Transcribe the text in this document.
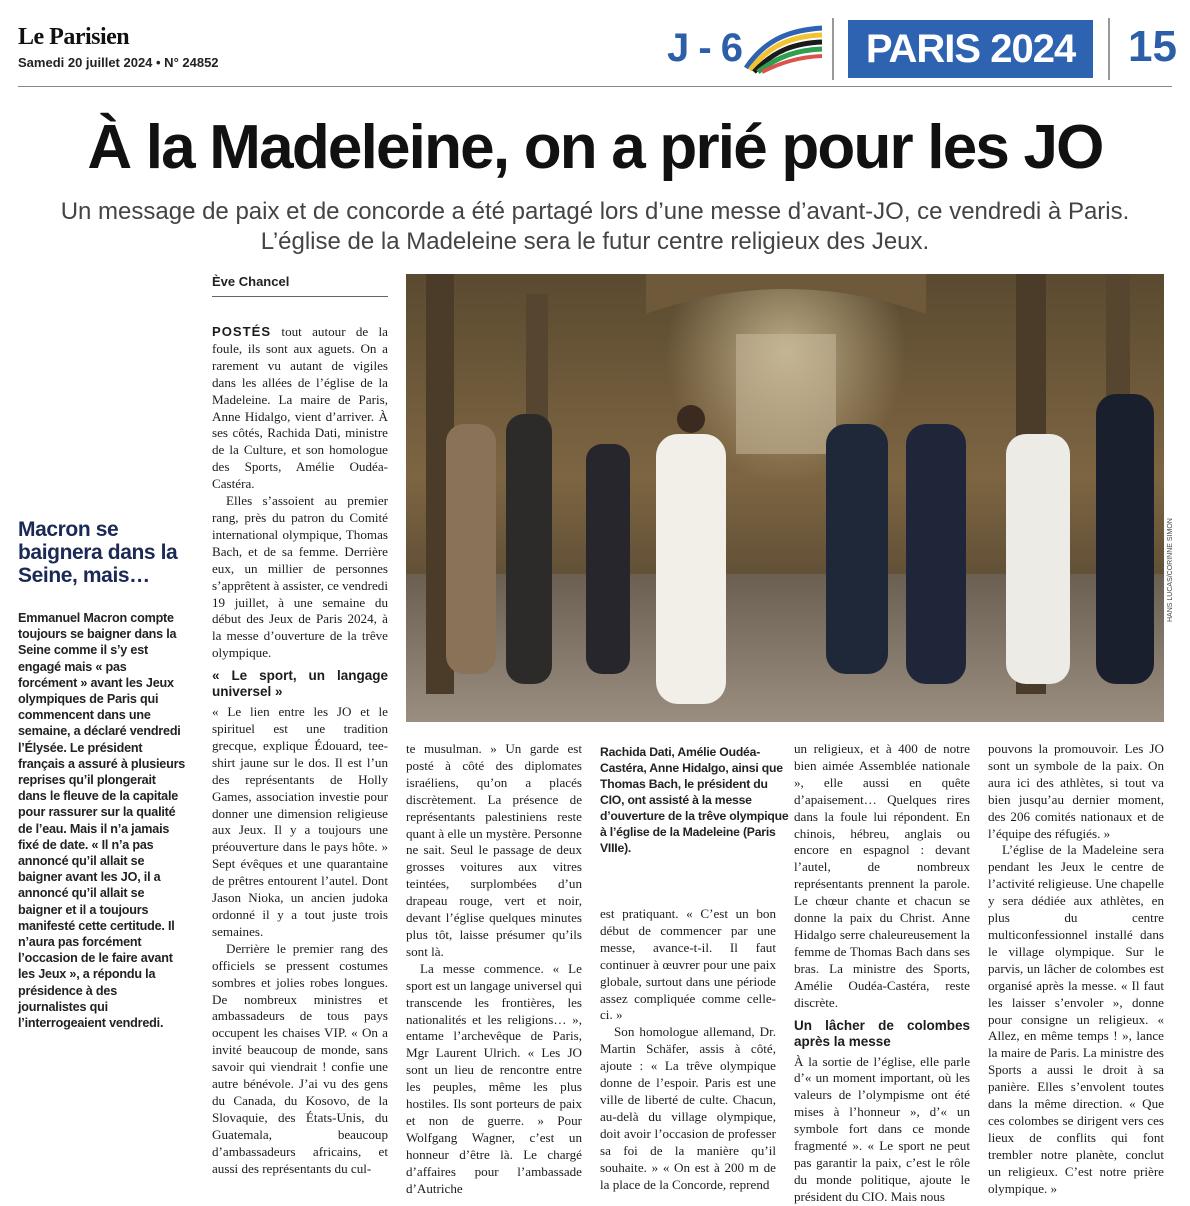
Le Parisien
Samedi 20 juillet 2024 • N° 24852	J - 6	PARIS 2024	15
À la Madeleine, on a prié pour les JO
Un message de paix et de concorde a été partagé lors d’une messe d’avant-JO, ce vendredi à Paris.
L’église de la Madeleine sera le futur centre religieux des Jeux.
Ève Chancel
Macron se baignera dans la Seine, mais…
Emmanuel Macron compte toujours se baigner dans la Seine comme il s’y est engagé mais « pas forcément » avant les Jeux olympiques de Paris qui commencent dans une semaine, a déclaré vendredi l’Élysée. Le président français a assuré à plusieurs reprises qu’il plongerait dans le fleuve de la capitale pour rassurer sur la qualité de l’eau. Mais il n’a jamais fixé de date. « Il n’a pas annoncé qu’il allait se baigner avant les JO, il a annoncé qu’il allait se baigner et il a toujours manifesté cette certitude. Il n’aura pas forcément l’occasion de le faire avant les Jeux », a répondu la présidence à des journalistes qui l’interrogeaient vendredi.

POSTÉS tout autour de la foule, ils sont aux aguets. On a rarement vu autant de vigiles dans les allées de l’église de la Madeleine. La maire de Paris, Anne Hidalgo, vient d’arriver. À ses côtés, Rachida Dati, ministre de la Culture, et son homologue des Sports, Amélie Oudéa-Castéra.

Elles s’assoient au premier rang, près du patron du Comité international olympique, Thomas Bach, et de sa femme. Derrière eux, un millier de personnes s’apprêtent à assister, ce vendredi 19 juillet, à une semaine du début des Jeux de Paris 2024, à la messe d’ouverture de la trêve olympique.

« Le sport, un langage universel »

« Le lien entre les JO et le spirituel est une tradition grecque, explique Édouard, tee-shirt jaune sur le dos. Il est l’un des représentants de Holly Games, association investie pour donner une dimension religieuse aux Jeux. Il y a toujours une préouverture dans le pays hôte. » Sept évêques et une quarantaine de prêtres entourent l’autel. Dont Jason Nioka, un ancien judoka ordonné il y a tout juste trois semaines.

Derrière le premier rang des officiels se pressent costumes sombres et jolies robes longues. De nombreux ministres et ambassadeurs de tous pays occupent les chaises VIP. « On a invité beaucoup de monde, sans savoir qui viendrait ! confie une autre bénévole. J’ai vu des gens du Canada, du Kosovo, de la Slovaquie, des États-Unis, du Guatemala, beaucoup d’ambassadeurs africains, et aussi des représentants du cul-

HANS LUCAS/CORINNE SIMON

te musulman. » Un garde est posté à côté des diplomates israéliens, qu’on a placés discrètement. La présence de représentants palestiniens reste quant à elle un mystère. Personne ne sait. Seul le passage de deux grosses voitures aux vitres teintées, surplombées d’un drapeau rouge, vert et noir, devant l’église quelques minutes plus tôt, laisse présumer qu’ils sont là.

La messe commence. « Le sport est un langage universel qui transcende les frontières, les nationalités et les religions… », entame l’archevêque de Paris, Mgr Laurent Ulrich. « Les JO sont un lieu de rencontre entre les peuples, même les plus hostiles. Ils sont porteurs de paix et non de guerre. » Pour Wolfgang Wagner, c’est un honneur d’être là. Le chargé d’affaires pour l’ambassade d’Autriche

Rachida Dati, Amélie Oudéa-Castéra, Anne Hidalgo, ainsi que Thomas Bach, le président du CIO, ont assisté à la messe d’ouverture de la trêve olympique à l’église de la Madeleine (Paris VIIIe).

est pratiquant. « C’est un bon début de commencer par une messe, avance-t-il. Il faut continuer à œuvrer pour une paix globale, surtout dans une période assez compliquée comme celle-ci. »

Son homologue allemand, Dr. Martin Schäfer, assis à côté, ajoute : « La trêve olympique donne de l’espoir. Paris est une ville de liberté de culte. Chacun, au-delà du village olympique, doit avoir l’occasion de professer sa foi de la manière qu’il souhaite. » « On est à 200 m de la place de la Concorde, reprend

un religieux, et à 400 de notre bien aimée Assemblée nationale », elle aussi en quête d’apaisement… Quelques rires dans la foule lui répondent. En chinois, hébreu, anglais ou encore en espagnol : devant l’autel, de nombreux représentants prennent la parole. Le chœur chante et chacun se donne la paix du Christ. Anne Hidalgo serre chaleureusement la femme de Thomas Bach dans ses bras. La ministre des Sports, Amélie Oudéa-Castéra, reste discrète.

Un lâcher de colombes après la messe

À la sortie de l’église, elle parle d’« un moment important, où les valeurs de l’olympisme ont été mises à l’honneur », d’« un symbole fort dans ce monde fragmenté ». « Le sport ne peut pas garantir la paix, c’est le rôle du monde politique, ajoute le président du CIO. Mais nous

pouvons la promouvoir. Les JO sont un symbole de la paix. On aura ici des athlètes, si tout va bien jusqu’au dernier moment, des 206 comités nationaux et de l’équipe des réfugiés. »

L’église de la Madeleine sera pendant les Jeux le centre de l’activité religieuse. Une chapelle y sera dédiée aux athlètes, en plus du centre multiconfessionnel installé dans le village olympique. Sur le parvis, un lâcher de colombes est organisé après la messe. « Il faut les laisser s’envoler », donne pour consigne un religieux. « Allez, en même temps ! », lance la maire de Paris. La ministre des Sports a aussi le droit à sa panière. Elles s’envolent toutes dans la même direction. « Que ces colombes se dirigent vers ces lieux de conflits qui font trembler notre planète, conclut un religieux. C’est notre prière olympique. »
